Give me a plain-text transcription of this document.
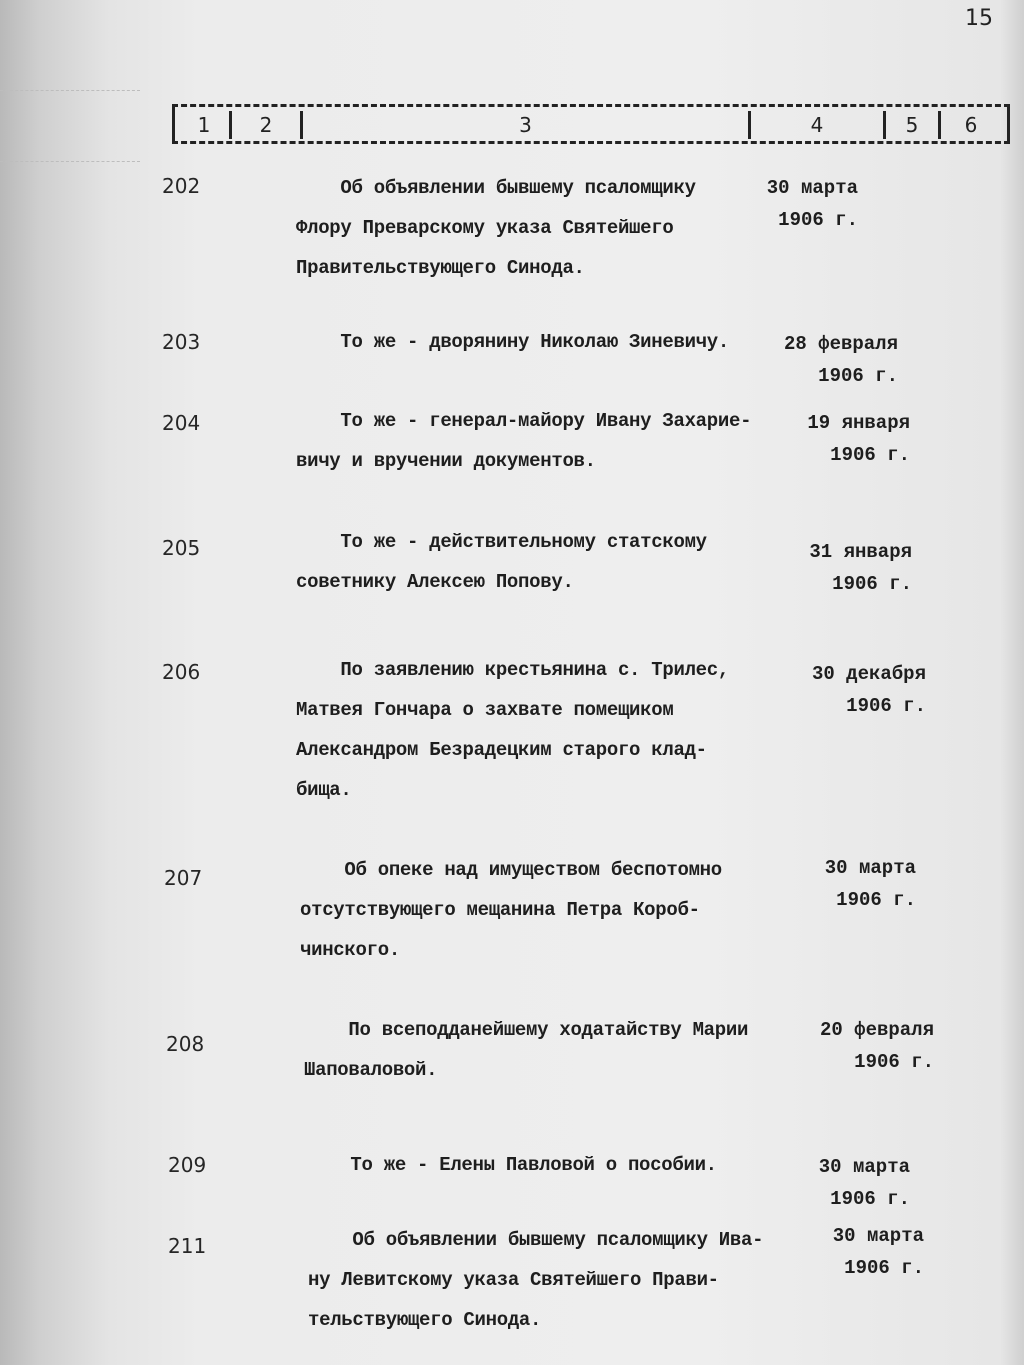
15
1	2	3	4	5	6
202	Об объявлении бывшему псаломщику
Флору Преварскому указа Святейшего
Правительствующего Синода.
30 марта
1906 г.
203	То же - дворянину Николаю Зиневичу.	28 февраля
1906 г.
204	То же - генерал-майору Ивану Захарие-
вичу и вручении документов.
19 января
1906 г.
205	То же - действительному статскому
советнику Алексею Попову.
31 января
1906 г.
206	По заявлению крестьянина с. Трилес,
Матвея Гончара о захвате помещиком
Александром Безрадецким старого клад-
бища.
30 декабря
1906 г.
207	Об опеке над имуществом беспотомно
отсутствующего мещанина Петра Короб-
чинского.
30 марта
1906 г.
208
По всеподданейшему ходатайству Марии
Шаповаловой.
20 февраля
1906 г.
209	То же - Елены Павловой о пособии.	30 марта
1906 г.
211	Об объявлении бывшему псаломщику Ива-
ну Левитскому указа Святейшего Прави-
тельствующего Синода.
30 марта
1906 г.
